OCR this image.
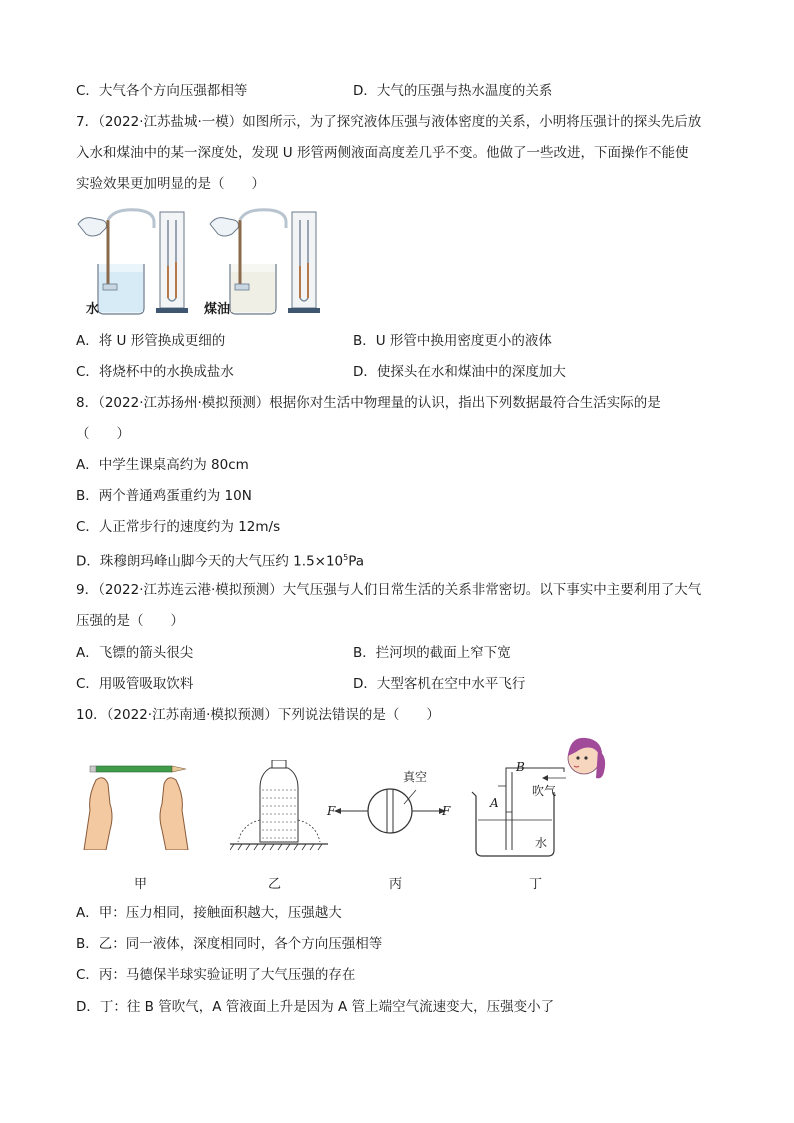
C．大气各个方向压强都相等	D．大气的压强与热水温度的关系
7．（2022·江苏盐城·一模）如图所示，为了探究液体压强与液体密度的关系，小明将压强计的探头先后放
入水和煤油中的某一深度处，发现 U 形管两侧液面高度差几乎不变。他做了一些改进，下面操作不能使
实验效果更加明显的是（　　）
水	煤油
A．将 U 形管换成更细的	B．U 形管中换用密度更小的液体
C．将烧杯中的水换成盐水	D．使探头在水和煤油中的深度加大
8．（2022·江苏扬州·模拟预测）根据你对生活中物理量的认识，指出下列数据最符合生活实际的是
（　　）
A．中学生课桌高约为 80cm
B．两个普通鸡蛋重约为 10N
C．人正常步行的速度约为 12m/s
D．珠穆朗玛峰山脚今天的大气压约 $1.5\times 10^5Pa$
9．（2022·江苏连云港·模拟预测）大气压强与人们日常生活的关系非常密切。以下事实中主要利用了大气
压强的是（　　）
A．飞镖的箭头很尖	B．拦河坝的截面上窄下宽
C．用吸管吸取饮料	D．大型客机在空中水平飞行
10．（2022·江苏南通·模拟预测）下列说法错误的是（　　）
真空
F	F
B
A
吹气
水
甲	乙	丙	丁
A．甲：压力相同，接触面积越大，压强越大
B．乙：同一液体，深度相同时，各个方向压强相等
C．丙：马德保半球实验证明了大气压强的存在
D．丁：往 B 管吹气，A 管液面上升是因为 A 管上端空气流速变大，压强变小了
